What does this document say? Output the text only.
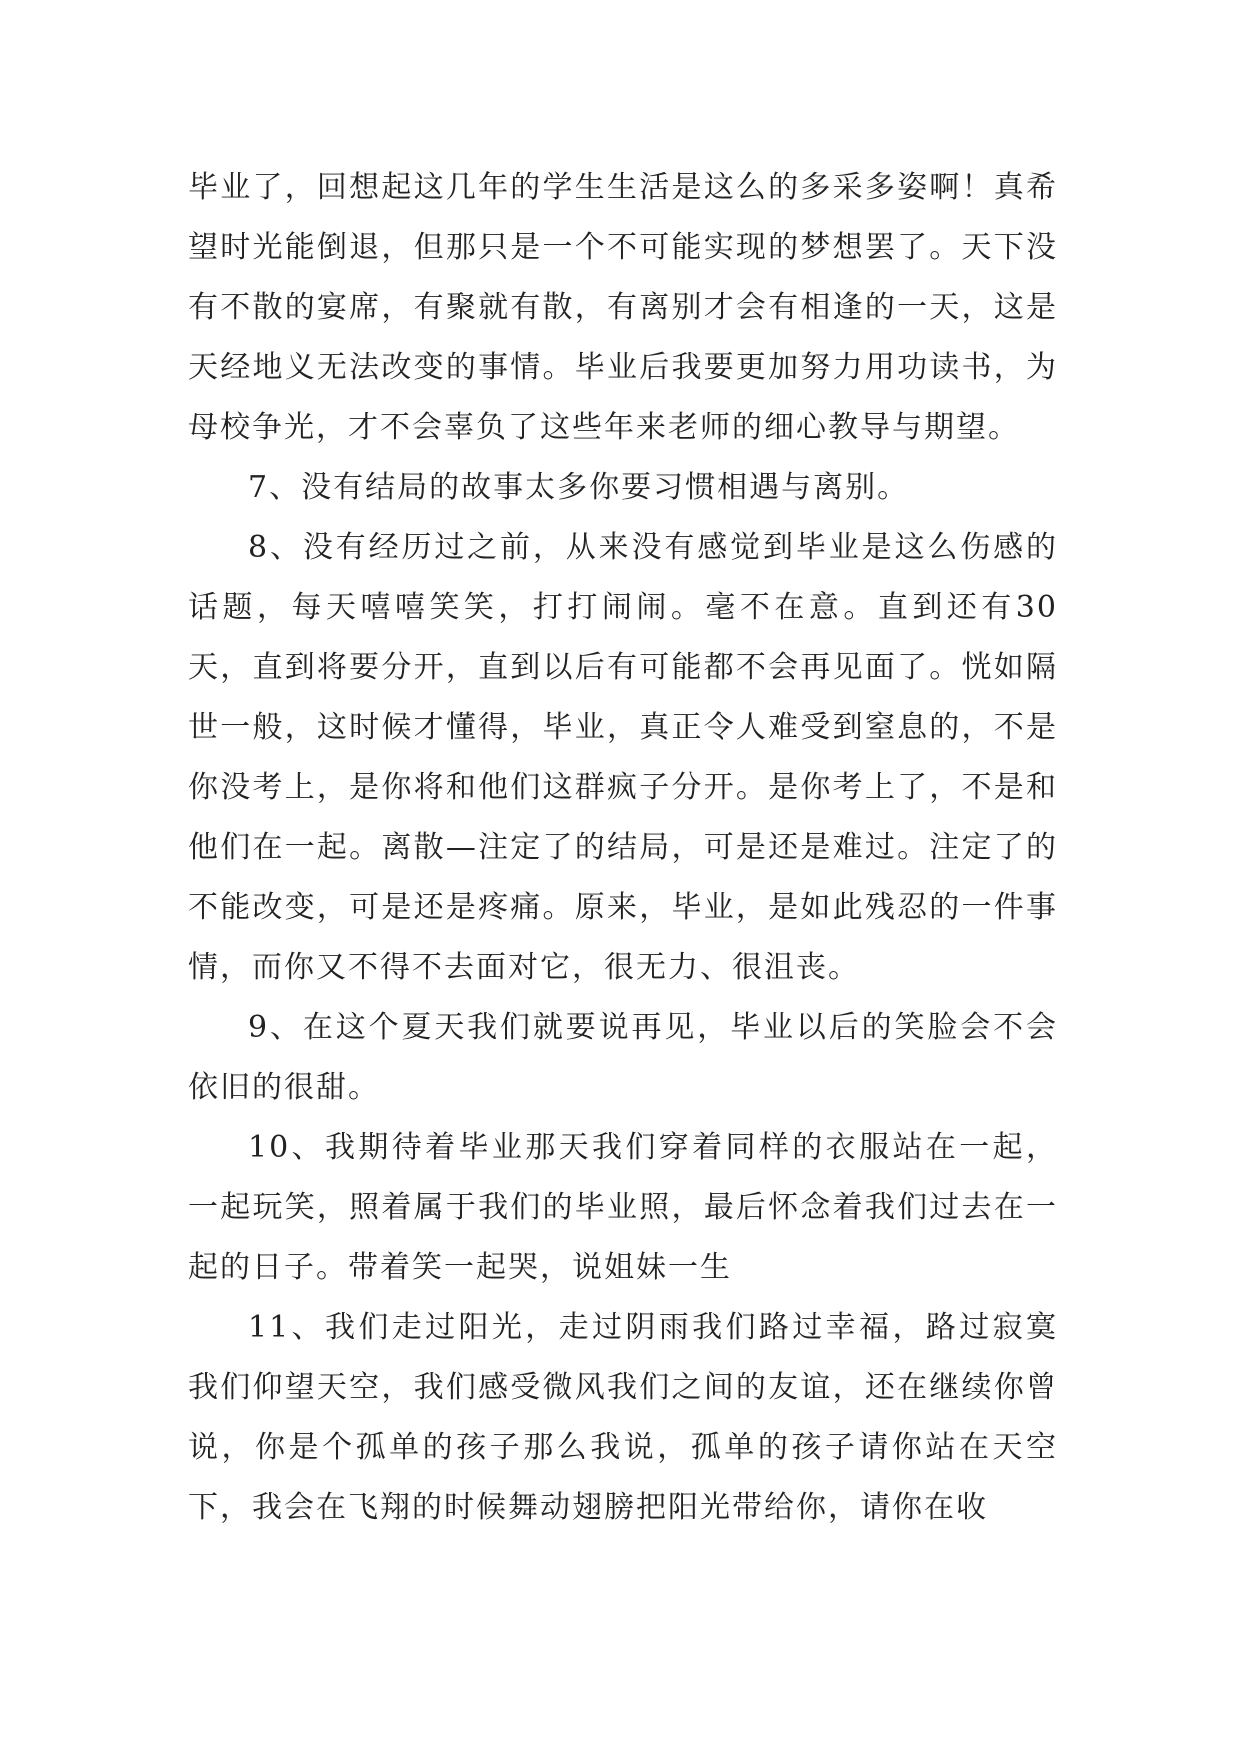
毕业了，回想起这几年的学生生活是这么的多采多姿啊！真希望时光能倒退，但那只是一个不可能实现的梦想罢了。天下没有不散的宴席，有聚就有散，有离别才会有相逢的一天，这是天经地义无法改变的事情。毕业后我要更加努力用功读书，为母校争光，才不会辜负了这些年来老师的细心教导与期望。

7、没有结局的故事太多你要习惯相遇与离别。

8、没有经历过之前，从来没有感觉到毕业是这么伤感的话题，每天嘻嘻笑笑，打打闹闹。毫不在意。直到还有30天，直到将要分开，直到以后有可能都不会再见面了。恍如隔世一般，这时候才懂得，毕业，真正令人难受到窒息的，不是你没考上，是你将和他们这群疯子分开。是你考上了，不是和他们在一起。离散—注定了的结局，可是还是难过。注定了的不能改变，可是还是疼痛。原来，毕业，是如此残忍的一件事情，而你又不得不去面对它，很无力、很沮丧。

9、在这个夏天我们就要说再见，毕业以后的笑脸会不会依旧的很甜。

10、我期待着毕业那天我们穿着同样的衣服站在一起，一起玩笑，照着属于我们的毕业照，最后怀念着我们过去在一起的日子。带着笑一起哭，说姐妹一生

11、我们走过阳光，走过阴雨我们路过幸福，路过寂寞我们仰望天空，我们感受微风我们之间的友谊，还在继续你曾说，你是个孤单的孩子那么我说，孤单的孩子请你站在天空下，我会在飞翔的时候舞动翅膀把阳光带给你，请你在收
